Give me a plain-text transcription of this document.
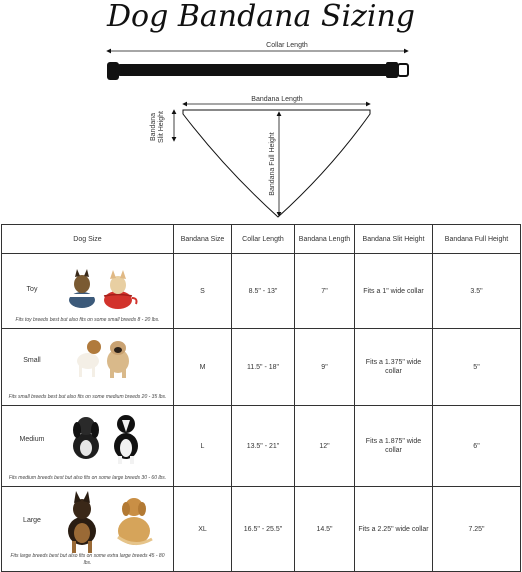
Dog Bandana Sizing
Collar Length
Bandana Length
Bandana Slit Height
Bandana Full Height
Dog Size	Bandana Size	Collar Length	Bandana Length	Bandana Slit Height	Bandana Full Height

Toy
Fits toy breeds best but also fits on some small breeds 8 - 20 lbs.	S	8.5" - 13"	7"	Fits a 1" wide collar	3.5"

Small
Fits small breeds best but also fits on some medium breeds 20 - 35 lbs.	M	11.5" - 18"	9"	Fits a 1.375" wide collar	5"

Medium
Fits medium breeds best but also fits on some large breeds 30 - 60 lbs.	L	13.5" - 21"	12"	Fits a 1.875" wide collar	6"

Large
Fits large breeds best but also fits on some extra large breeds 45 - 80 lbs.	XL	16.5" - 25.5"	14.5"	Fits a 2.25" wide collar	7.25"
